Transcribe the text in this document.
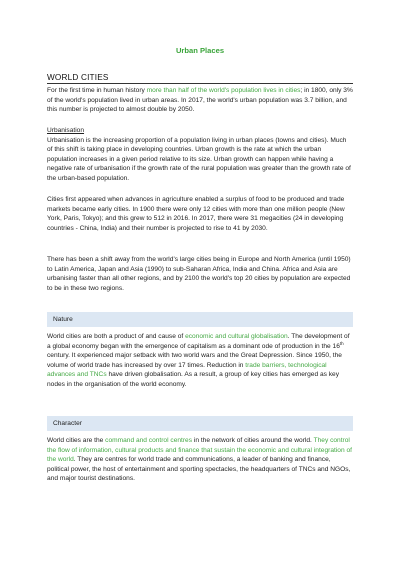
Urban Places
WORLD CITIES
For the first time in human history more than half of the world's population lives in cities; in 1800, only 3% of the world's population lived in urban areas. In 2017, the world's urban population was 3.7 billion, and this number is projected to almost double by 2050.
Urbanisation
Urbanisation is the increasing proportion of a population living in urban places (towns and cities). Much of this shift is taking place in developing countries. Urban growth is the rate at which the urban population increases in a given period relative to its size. Urban growth can happen while having a negative rate of urbanisation if the growth rate of the rural population was greater than the growth rate of the urban-based population.
Cities first appeared when advances in agriculture enabled a surplus of food to be produced and trade markets became early cities. In 1900 there were only 12 cities with more than one million people (New York, Paris, Tokyo); and this grew to 512 in 2016. In 2017, there were 31 megacities (24 in developing countries - China, India) and their number is projected to rise to 41 by 2030.
There has been a shift away from the world's large cities being in Europe and North America (until 1950) to Latin America, Japan and Asia (1990) to sub-Saharan Africa, India and China. Africa and Asia are urbanising faster than all other regions, and by 2100 the world's top 20 cities by population are expected to be in these two regions.
Nature
World cities are both a product of and cause of economic and cultural globalisation. The development of a global economy began with the emergence of capitalism as a dominant ode of production in the 16th century. It experienced major setback with two world wars and the Great Depression. Since 1950, the volume of world trade has increased by over 17 times. Reduction in trade barriers, technological advances and TNCs have driven globalisation. As a result, a group of key cities has emerged as key nodes in the organisation of the world economy.
Character
World cities are the command and control centres in the network of cities around the world. They control the flow of information, cultural products and finance that sustain the economic and cultural integration of the world. They are centres for world trade and communications, a leader of banking and finance, political power, the host of entertainment and sporting spectacles, the headquarters of TNCs and NGOs, and major tourist destinations.
